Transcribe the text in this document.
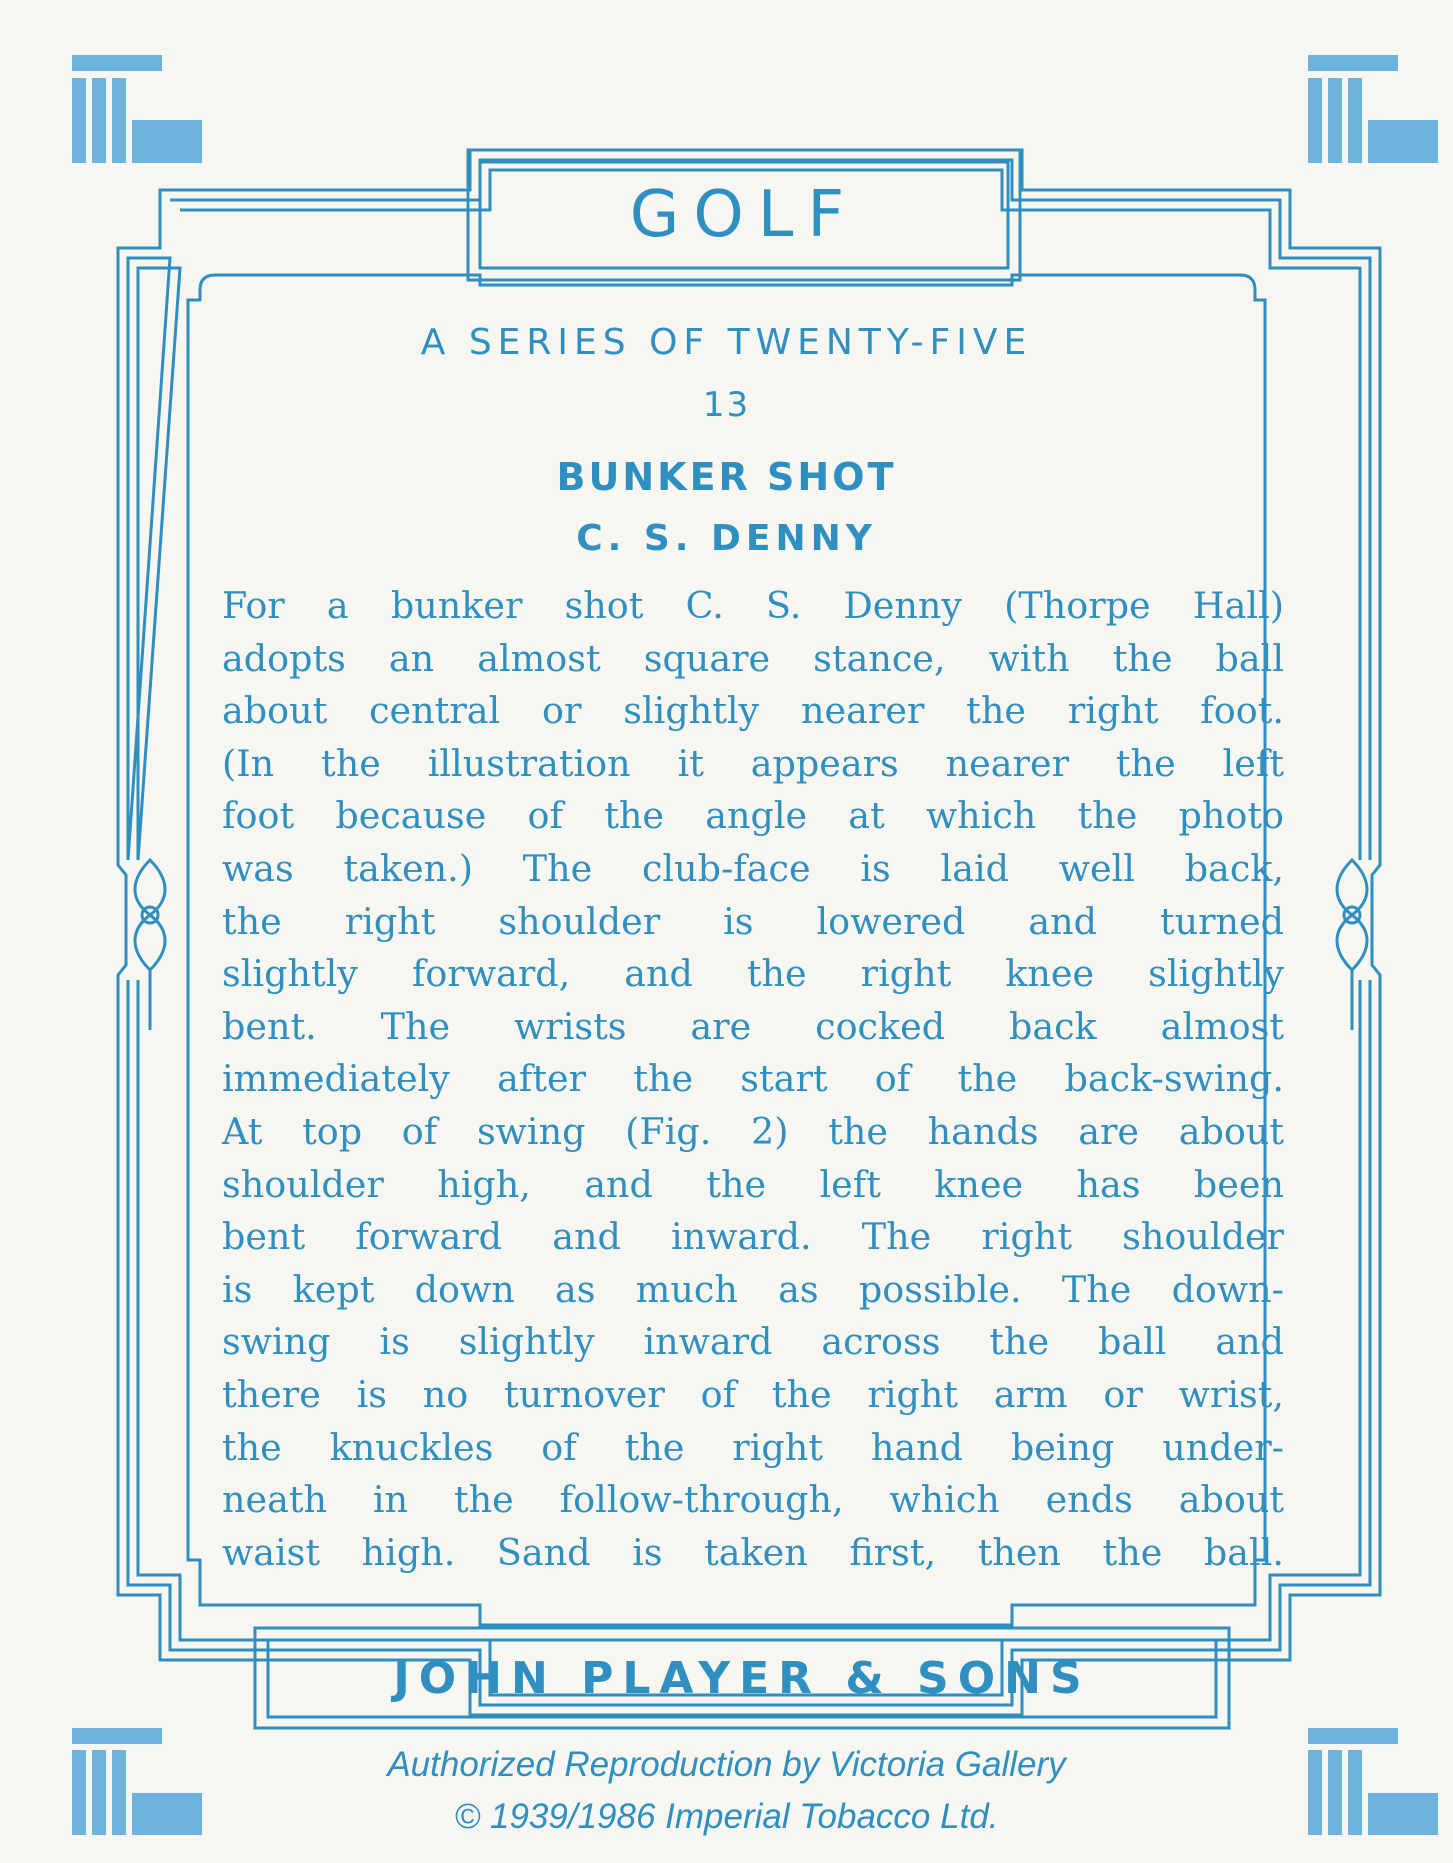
GOLF
A SERIES OF TWENTY-FIVE
13
BUNKER SHOT
C. S. DENNY
For a bunker shot C. S. Denny (Thorpe Hall)
adopts an almost square stance, with the ball
about central or slightly nearer the right foot.
(In the illustration it appears nearer the left
foot because of the angle at which the photo
was taken.) The club-face is laid well back,
the right shoulder is lowered and turned
slightly forward, and the right knee slightly
bent. The wrists are cocked back almost
immediately after the start of the back-swing.
At top of swing (Fig. 2) the hands are about
shoulder high, and the left knee has been
bent forward and inward. The right shoulder
is kept down as much as possible. The down-
swing is slightly inward across the ball and
there is no turnover of the right arm or wrist,
the knuckles of the right hand being under-
neath in the follow-through, which ends about
waist high. Sand is taken first, then the ball.
JOHN PLAYER & SONS
Authorized Reproduction by Victoria Gallery
© 1939/1986 Imperial Tobacco Ltd.
